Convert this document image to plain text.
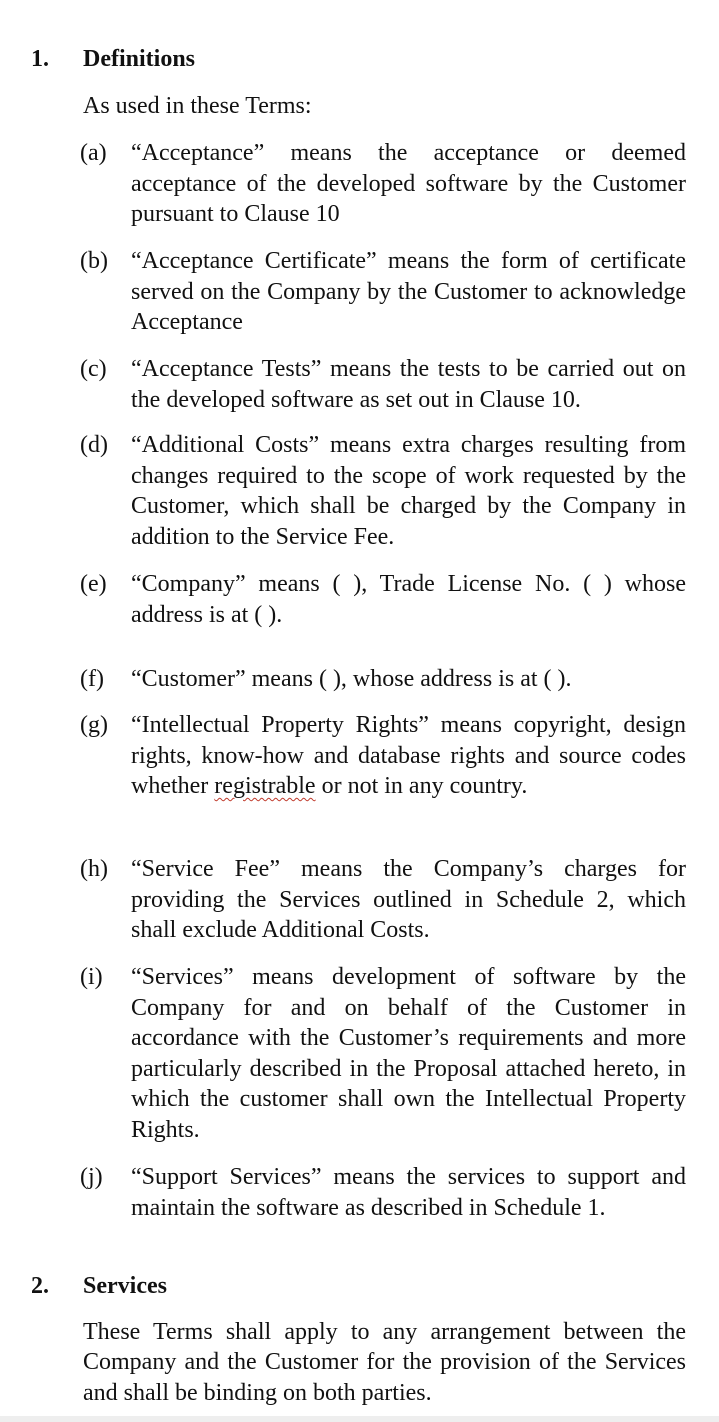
1. Definitions
As used in these Terms:
(a)	“Acceptance” means the acceptance or deemed acceptance of the developed software by the Customer pursuant to Clause 10
(b) “Acceptance Certificate” means the form of certificate served on the Company by the Customer to acknowledge Acceptance
(c)	“Acceptance Tests” means the tests to be carried out on the developed software as set out in Clause 10.
(d) “Additional Costs” means extra charges resulting from changes required to the scope of work requested by the Customer, which shall be charged by the Company in addition to the Service Fee.
(e)	“Company” means ( ), Trade License No. ( ) whose address is at ( ).
(f)	“Customer” means ( ), whose address is at ( ).
(g) “Intellectual Property Rights” means copyright, design rights, know-how and database rights and source codes whether registrable or not in any country.
(h) “Service Fee” means the Company’s charges for providing the Services outlined in Schedule 2, which shall exclude Additional Costs.
(i)	“Services” means development of software by the Company for and on behalf of the Customer in accordance with the Customer’s requirements and more particularly described in the Proposal attached hereto, in which the customer shall own the Intellectual Property Rights.
(j)	“Support Services” means the services to support and maintain the software as described in Schedule 1.
2. Services
These Terms shall apply to any arrangement between the Company and the Customer for the provision of the Services and shall be binding on both parties.
